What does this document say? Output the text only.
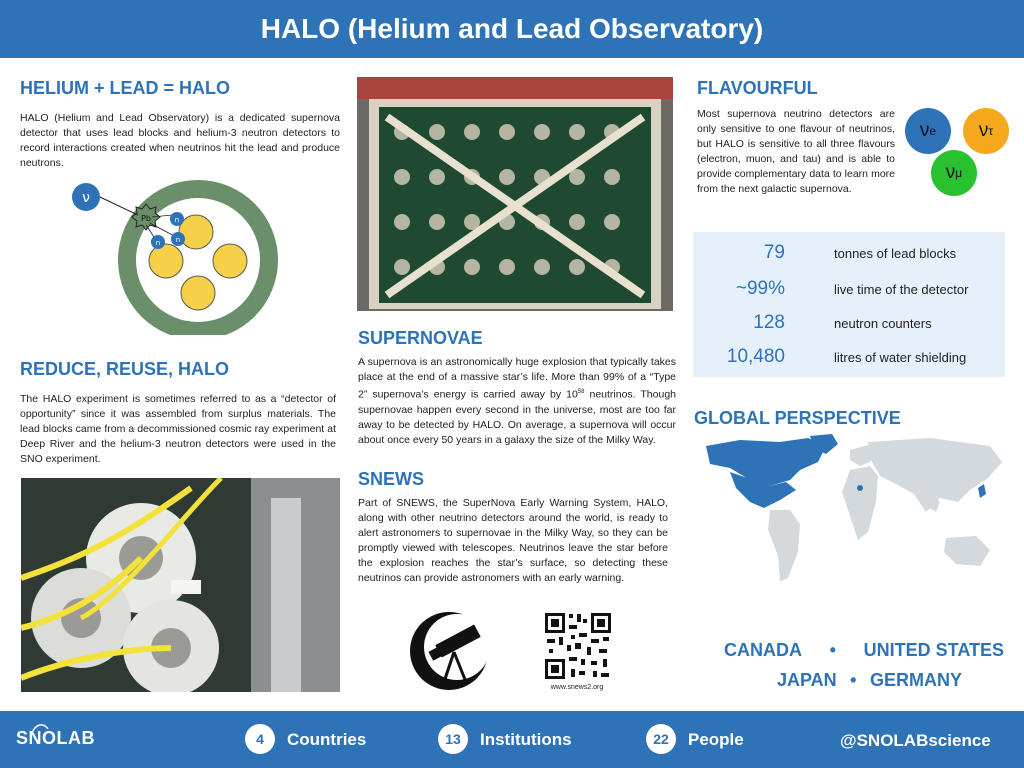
HALO (Helium and Lead Observatory)
HELIUM + LEAD = HALO

HALO (Helium and Lead Observatory) is a dedicated supernova detector that uses lead blocks and helium-3 neutron detectors to record interactions created when neutrinos hit the lead and produce neutrons.

ν
Pb	n
n
n
REDUCE, REUSE, HALO

The HALO experiment is sometimes referred to as a “detector of opportunity” since it was assembled from surplus materials. The lead blocks came from a decommissioned cosmic ray experiment at Deep River and the helium-3 neutron detectors were used in the SNO experiment.

SUPERNOVAE

A supernova is an astronomically huge explosion that typically takes place at the end of a massive star’s life. More than 99% of a “Type 2” supernova’s energy is carried away by $10^{58}$ neutrinos. Though supernovae happen every second in the universe, most are too far away to be detected by HALO. On average, a supernova will occur about once every 50 years in a galaxy the size of the Milky Way.

SNEWS

Part of SNEWS, the SuperNova Early Warning System, HALO, along with other neutrino detectors around the world, is ready to alert astronomers to supernovae in the Milky Way, so they can be promptly viewed with telescopes. Neutrinos leave the star before the explosion reaches the star’s surface, so detecting these neutrinos can provide astronomers with an early warning.

www.snews2.org
FLAVOURFUL

Most supernova neutrino detectors are only sensitive to one flavour of neutrinos, but HALO is sensitive to all three flavours (electron, muon, and tau) and is able to provide complementary data to learn more from the next galactic supernova.

ν e ν τ
ν μ
79	tonnes of lead blocks
~99%	live time of the detector
128	neutron counters
10,480	litres of water shielding
GLOBAL PERSPECTIVE
CANADA • UNITED STATES
JAPAN • GERMANY
SNOLAB	4	Countries	13	Institutions	22	People	@SNOLABscience
